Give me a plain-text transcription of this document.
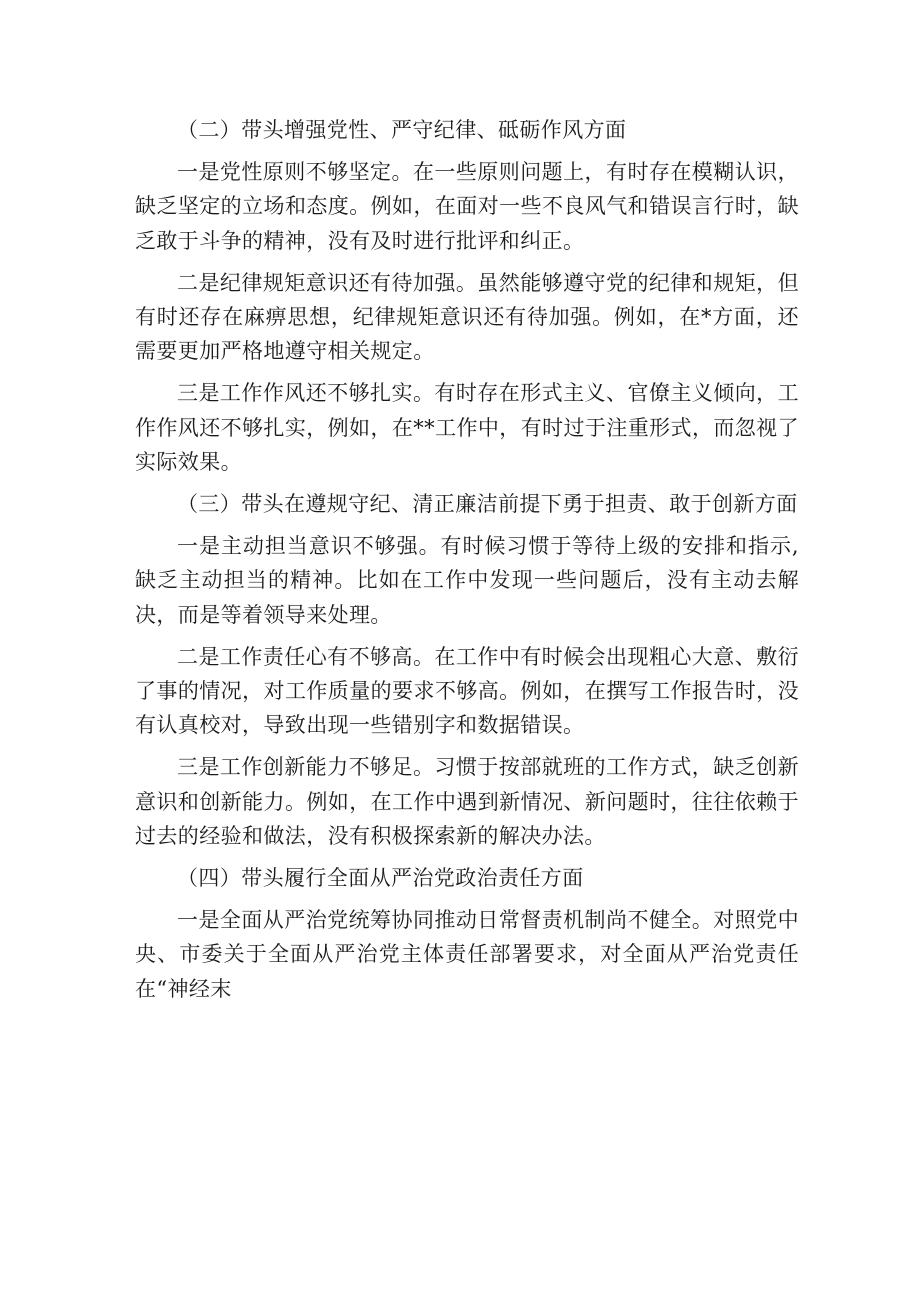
（二）带头增强党性、严守纪律、砥砺作风方面

一是党性原则不够坚定。在一些原则问题上，有时存在模糊认识，缺乏坚定的立场和态度。例如，在面对一些不良风气和错误言行时，缺乏敢于斗争的精神，没有及时进行批评和纠正。

二是纪律规矩意识还有待加强。虽然能够遵守党的纪律和规矩，但有时还存在麻痹思想，纪律规矩意识还有待加强。例如，在*方面，还需要更加严格地遵守相关规定。

三是工作作风还不够扎实。有时存在形式主义、官僚主义倾向，工作作风还不够扎实，例如，在**工作中，有时过于注重形式，而忽视了实际效果。

（三）带头在遵规守纪、清正廉洁前提下勇于担责、敢于创新方面

一是主动担当意识不够强。有时候习惯于等待上级的安排和指示,缺乏主动担当的精神。比如在工作中发现一些问题后，没有主动去解决，而是等着领导来处理。

二是工作责任心有不够高。在工作中有时候会出现粗心大意、敷衍了事的情况，对工作质量的要求不够高。例如，在撰写工作报告时，没有认真校对，导致出现一些错别字和数据错误。

三是工作创新能力不够足。习惯于按部就班的工作方式，缺乏创新意识和创新能力。例如，在工作中遇到新情况、新问题时，往往依赖于过去的经验和做法，没有积极探索新的解决办法。

（四）带头履行全面从严治党政治责任方面

一是全面从严治党统筹协同推动日常督责机制尚不健全。对照党中央、市委关于全面从严治党主体责任部署要求，对全面从严治党责任在“神经末
